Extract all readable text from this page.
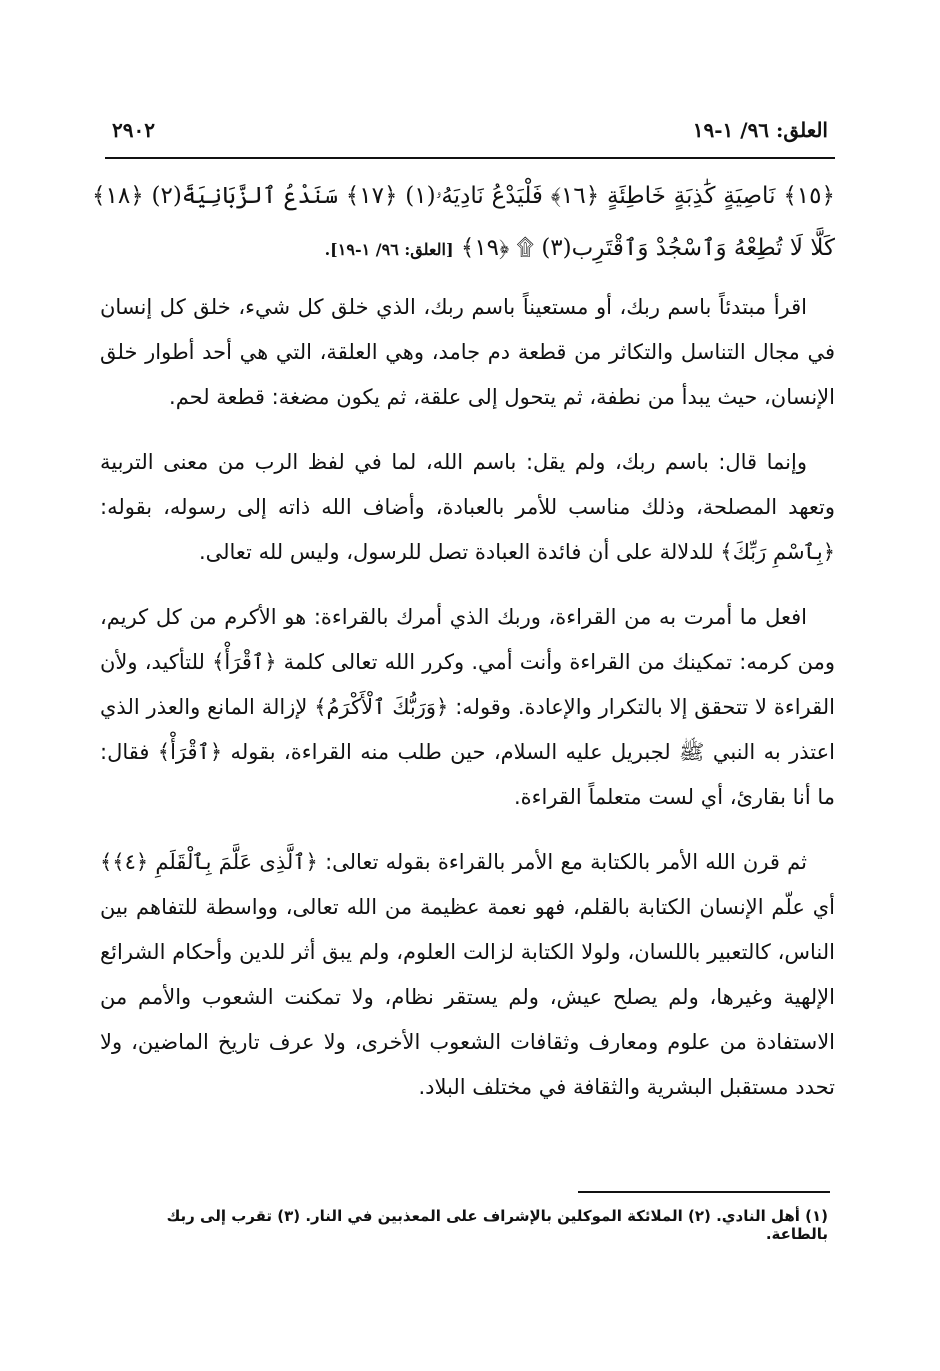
العلق: ٩٦/ ١-١٩
٢٩٠٢
﴿١٥﴾ نَاصِيَةٍ كَٰذِبَةٍ خَاطِئَةٍ ﴿١٦﴾ فَلْيَدْعُ نَادِيَهُۥ(١) ﴿١٧﴾ سَنَدْعُ ٱلزَّبَانِيَةَ(٢) ﴿١٨﴾ كَلَّا لَا تُطِعْهُ وَٱسْجُدْ وَٱقْتَرِب(٣) ۩ ﴿١٩﴾ [العلق: ٩٦/ ١-١٩].

اقرأ مبتدئاً باسم ربك، أو مستعيناً باسم ربك، الذي خلق كل شيء، خلق كل إنسان في مجال التناسل والتكاثر من قطعة دم جامد، وهي العلقة، التي هي أحد أطوار خلق الإنسان، حيث يبدأ من نطفة، ثم يتحول إلى علقة، ثم يكون مضغة: قطعة لحم.

وإنما قال: باسم ربك، ولم يقل: باسم الله، لما في لفظ الرب من معنى التربية وتعهد المصلحة، وذلك مناسب للأمر بالعبادة، وأضاف الله ذاته إلى رسوله، بقوله: ﴿بِٱسْمِ رَبِّكَ﴾ للدلالة على أن فائدة العبادة تصل للرسول، وليس لله تعالى.

افعل ما أمرت به من القراءة، وربك الذي أمرك بالقراءة: هو الأكرم من كل كريم، ومن كرمه: تمكينك من القراءة وأنت أمي. وكرر الله تعالى كلمة ﴿ٱقْرَأْ﴾ للتأكيد، ولأن القراءة لا تتحقق إلا بالتكرار والإعادة. وقوله: ﴿وَرَبُّكَ ٱلْأَكْرَمُ﴾ لإزالة المانع والعذر الذي اعتذر به النبي ﷺ لجبريل عليه السلام، حين طلب منه القراءة، بقوله ﴿ٱقْرَأْ﴾ فقال: ما أنا بقارئ، أي لست متعلماً القراءة.

ثم قرن الله الأمر بالكتابة مع الأمر بالقراءة بقوله تعالى: ﴿ٱلَّذِى عَلَّمَ بِٱلْقَلَمِ ﴿٤﴾﴾ أي علّم الإنسان الكتابة بالقلم، فهو نعمة عظيمة من الله تعالى، وواسطة للتفاهم بين الناس، كالتعبير باللسان، ولولا الكتابة لزالت العلوم، ولم يبق أثر للدين وأحكام الشرائع الإلهية وغيرها، ولم يصلح عيش، ولم يستقر نظام، ولا تمكنت الشعوب والأمم من الاستفادة من علوم ومعارف وثقافات الشعوب الأخرى، ولا عرف تاريخ الماضين، ولا تحدد مستقبل البشرية والثقافة في مختلف البلاد.

(١) أهل النادي. (٢) الملائكة الموكلين بالإشراف على المعذبين في النار. (٣) تقرب إلى ربك بالطاعة.
